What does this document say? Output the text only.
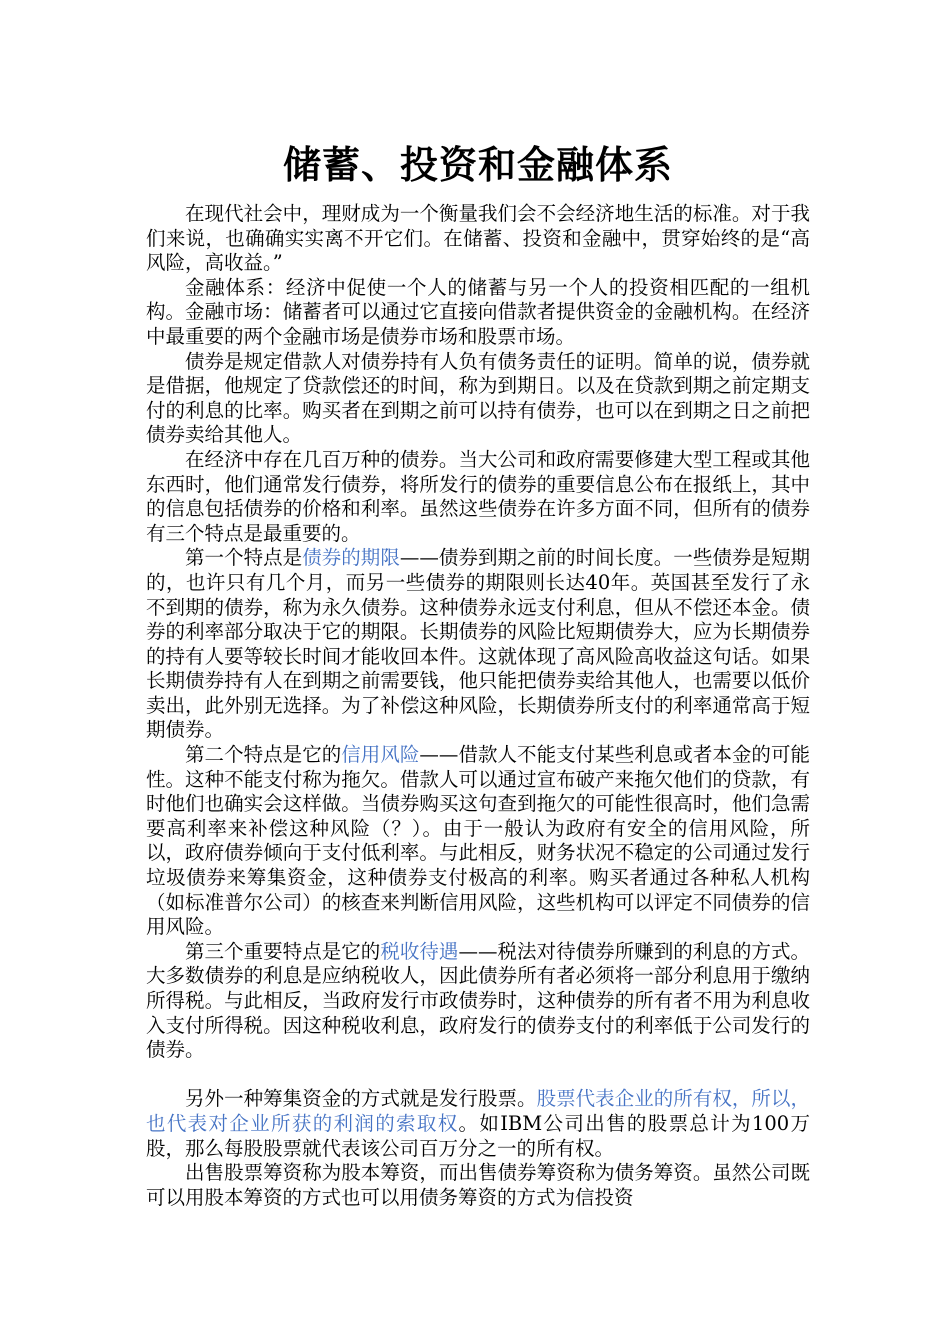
储蓄、投资和金融体系

在现代社会中，理财成为一个衡量我们会不会经济地生活的标准。对于我们来说，也确确实实离不开它们。在储蓄、投资和金融中，贯穿始终的是“高风险，高收益。”

金融体系：经济中促使一个人的储蓄与另一个人的投资相匹配的一组机构。金融市场：储蓄者可以通过它直接向借款者提供资金的金融机构。在经济中最重要的两个金融市场是债券市场和股票市场。

债券是规定借款人对债券持有人负有债务责任的证明。简单的说，债券就是借据，他规定了贷款偿还的时间，称为到期日。以及在贷款到期之前定期支付的利息的比率。购买者在到期之前可以持有债券，也可以在到期之日之前把债券卖给其他人。

在经济中存在几百万种的债券。当大公司和政府需要修建大型工程或其他东西时，他们通常发行债券，将所发行的债券的重要信息公布在报纸上，其中的信息包括债券的价格和利率。虽然这些债券在许多方面不同，但所有的债券有三个特点是最重要的。

第一个特点是债券的期限——债券到期之前的时间长度。一些债券是短期的，也许只有几个月，而另一些债券的期限则长达40年。英国甚至发行了永不到期的债券，称为永久债券。这种债券永远支付利息，但从不偿还本金。债券的利率部分取决于它的期限。长期债券的风险比短期债券大，应为长期债券的持有人要等较长时间才能收回本件。这就体现了高风险高收益这句话。如果长期债券持有人在到期之前需要钱，他只能把债券卖给其他人，也需要以低价卖出，此外别无选择。为了补偿这种风险，长期债券所支付的利率通常高于短期债券。

第二个特点是它的信用风险——借款人不能支付某些利息或者本金的可能性。这种不能支付称为拖欠。借款人可以通过宣布破产来拖欠他们的贷款，有时他们也确实会这样做。当债券购买这句查到拖欠的可能性很高时，他们急需要高利率来补偿这种风险（？）。由于一般认为政府有安全的信用风险，所以，政府债券倾向于支付低利率。与此相反，财务状况不稳定的公司通过发行垃圾债券来筹集资金，这种债券支付极高的利率。购买者通过各种私人机构（如标准普尔公司）的核查来判断信用风险，这些机构可以评定不同债券的信用风险。

第三个重要特点是它的税收待遇——税法对待债券所赚到的利息的方式。大多数债券的利息是应纳税收人，因此债券所有者必须将一部分利息用于缴纳所得税。与此相反，当政府发行市政债券时，这种债券的所有者不用为利息收入支付所得税。因这种税收利息，政府发行的债券支付的利率低于公司发行的债券。

另外一种筹集资金的方式就是发行股票。股票代表企业的所有权，所以，也代表对企业所获的利润的索取权。如IBM公司出售的股票总计为100万股，那么每股股票就代表该公司百万分之一的所有权。

出售股票筹资称为股本筹资，而出售债券筹资称为债务筹资。虽然公司既可以用股本筹资的方式也可以用债务筹资的方式为信投资
